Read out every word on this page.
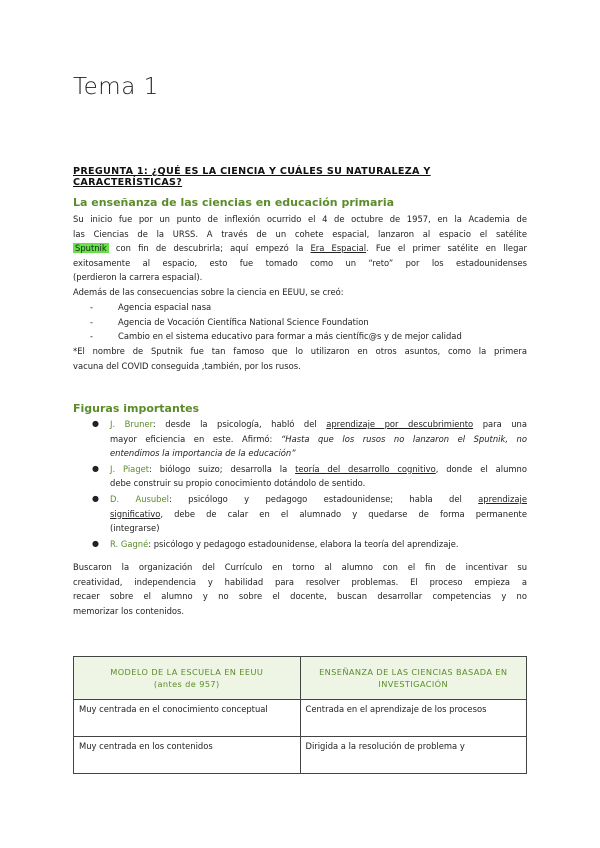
Tema 1
PREGUNTA 1: ¿QUÉ ES LA CIENCIA Y CUÁLES SU NATURALEZA Y CARACTERÍSTICAS?
La enseñanza de las ciencias en educación primaria
Su inicio fue por un punto de inflexión ocurrido el 4 de octubre de 1957, en la Academia de
las Ciencias de la URSS. A través de un cohete espacial, lanzaron al espacio el satélite
Sputnik con fin de descubrirla; aquí empezó la Era Espacial. Fue el primer satélite en llegar
exitosamente al espacio, esto fue tomado como un “reto” por los estadounidenses
(perdieron la carrera espacial).
Además de las consecuencias sobre la ciencia en EEUU, se creó:
-	Agencia espacial nasa
-	Agencia de Vocación Científica National Science Foundation
-	Cambio en el sistema educativo para formar a más científic@s y de mejor calidad
*El nombre de Sputnik fue tan famoso que lo utilizaron en otros asuntos, como la primera
vacuna del COVID conseguida ,también, por los rusos.
Figuras importantes
● J. Bruner: desde la psicología, habló del aprendizaje por descubrimiento para una
mayor eficiencia en este. Afirmó: “Hasta que los rusos no lanzaron el Sputnik, no
entendimos la importancia de la educación”
● J. Piaget: biólogo suizo; desarrolla la teoría del desarrollo cognitivo, donde el alumno
debe construir su propio conocimiento dotándolo de sentido.
● D. Ausubel: psicólogo y pedagogo estadounidense; habla del aprendizaje
significativo, debe de calar en el alumnado y quedarse de forma permanente
(integrarse)
● R. Gagné: psicólogo y pedagogo estadounidense, elabora la teoría del aprendizaje.
Buscaron la organización del Currículo en torno al alumno con el fin de incentivar su
creatividad, independencia y habilidad para resolver problemas. El proceso empieza a
recaer sobre el alumno y no sobre el docente, buscan desarrollar competencias y no
memorizar los contenidos.
MODELO DE LA ESCUELA EN EEUU
(antes de 957)	ENSEÑANZA DE LAS CIENCIAS BASADA EN
INVESTIGACIÓN
Muy centrada en el conocimiento conceptual	Centrada en el aprendizaje de los procesos
Muy centrada en los contenidos	Dirigida a la resolución de problema y
